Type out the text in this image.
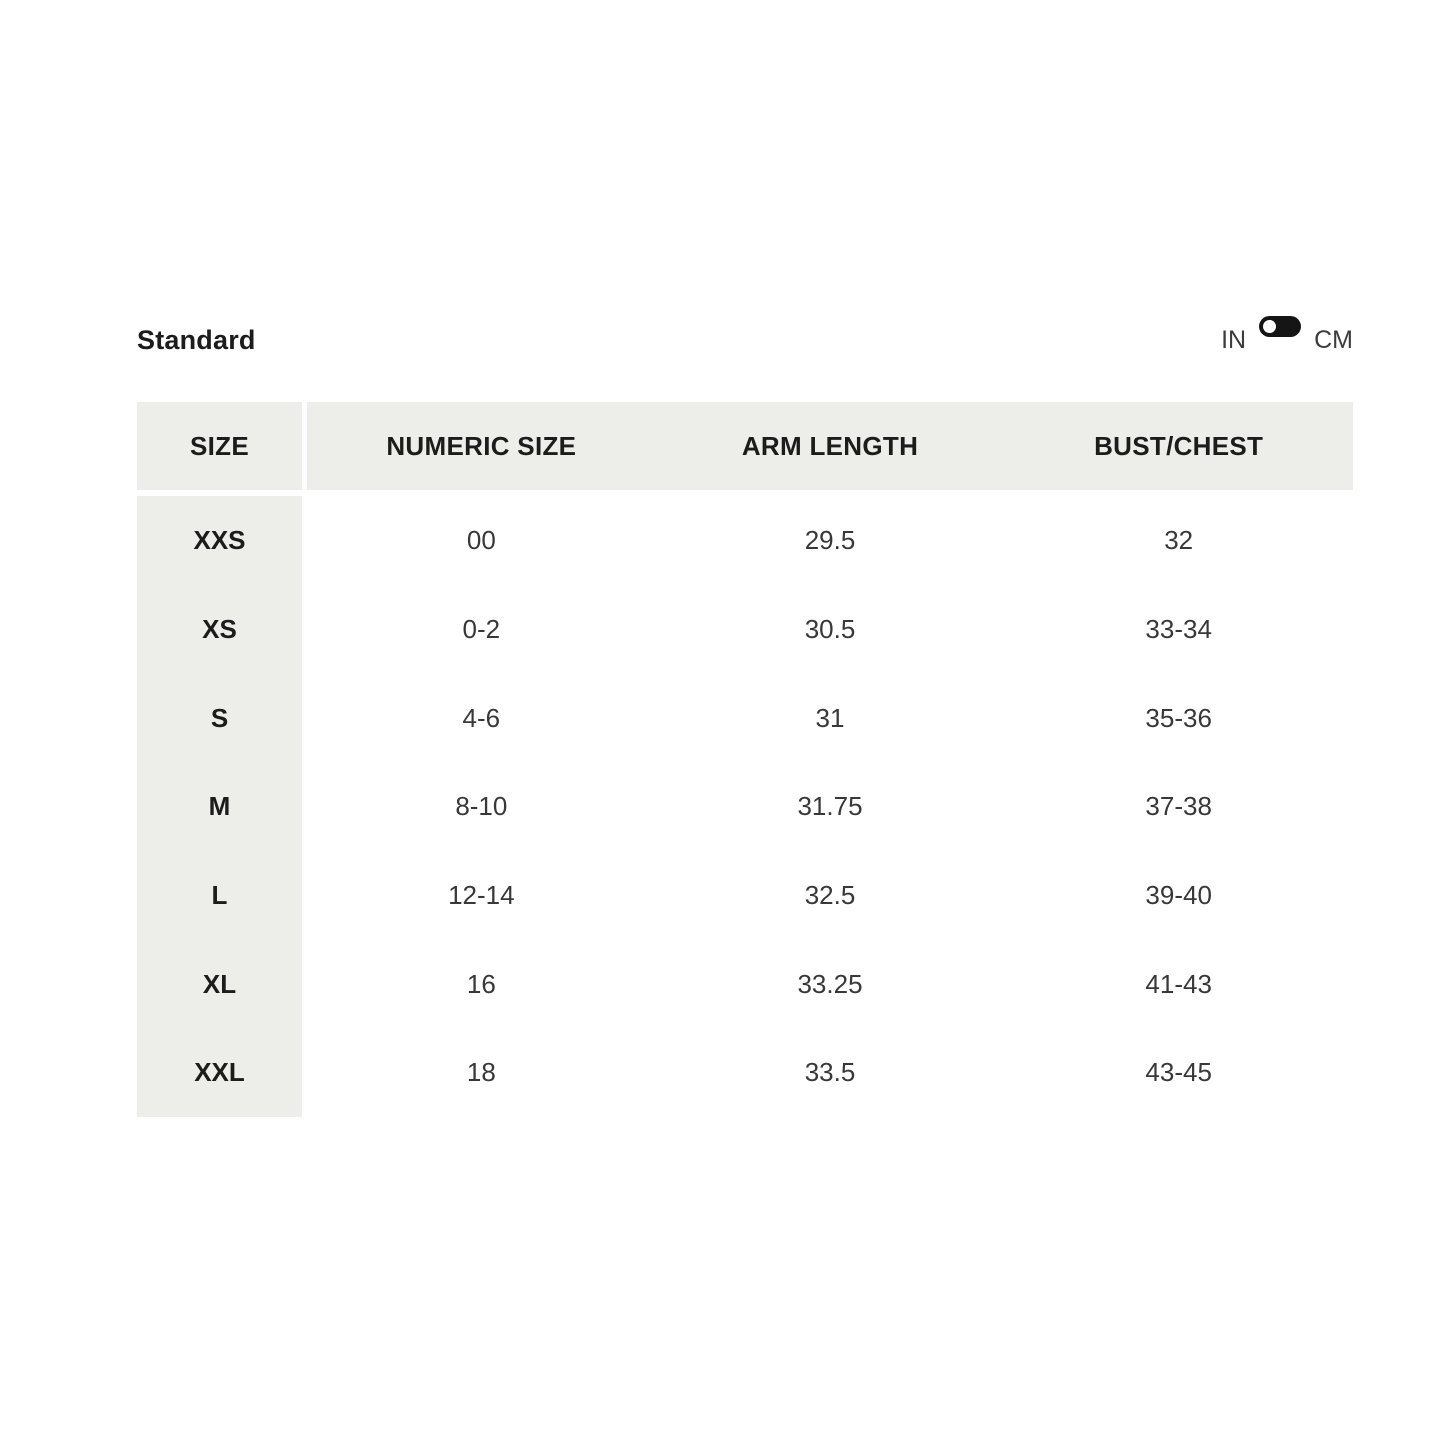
Standard	IN	CM
SIZE	NUMERIC SIZE	ARM LENGTH	BUST/CHEST
XXS	00	29.5	32
XS	0-2	30.5	33-34
S	4-6	31	35-36
M	8-10	31.75	37-38
L	12-14	32.5	39-40
XL	16	33.25	41-43
XXL	18	33.5	43-45
